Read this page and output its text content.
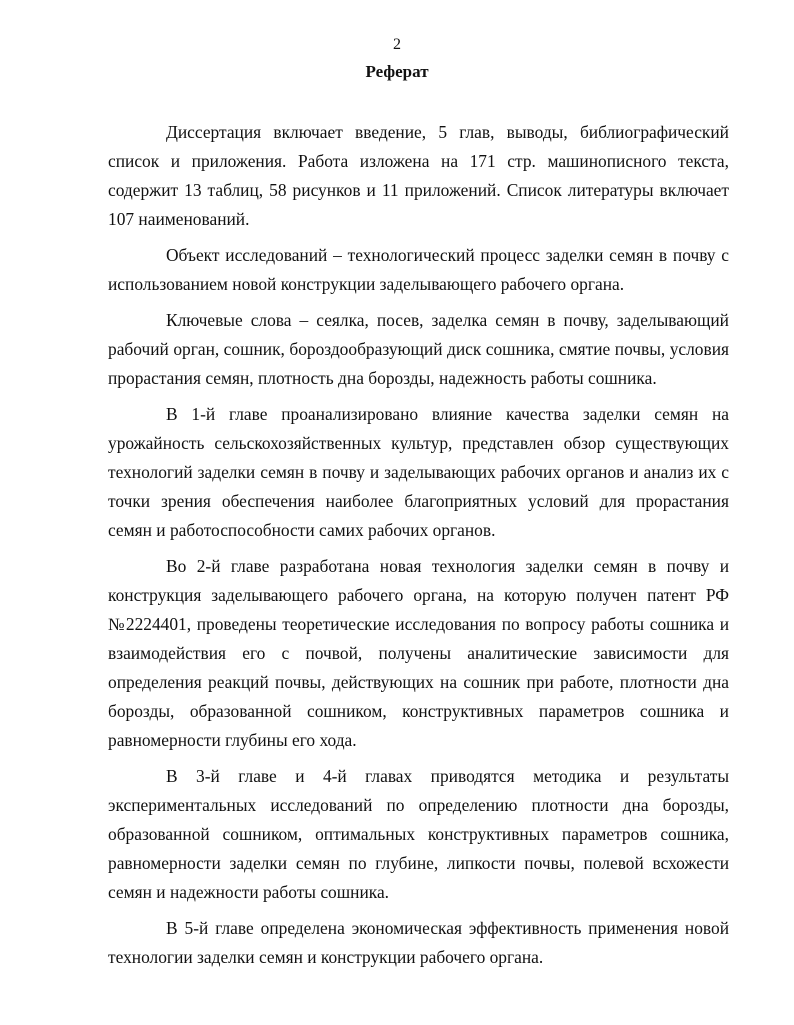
2
Реферат

Диссертация включает введение, 5 глав, выводы, библиографический список и приложения. Работа изложена на 171 стр. машинописного текста, содержит 13 таблиц, 58 рисунков и 11 приложений. Список литературы включает 107 наименований.

Объект исследований – технологический процесс заделки семян в почву с использованием новой конструкции заделывающего рабочего органа.

Ключевые слова – сеялка, посев, заделка семян в почву, заделывающий рабочий орган, сошник, бороздообразующий диск сошника, смятие почвы, условия прорастания семян, плотность дна борозды, надежность работы сошника.

В 1-й главе проанализировано влияние качества заделки семян на урожайность сельскохозяйственных культур, представлен обзор существующих технологий заделки семян в почву и заделывающих рабочих органов и анализ их с точки зрения обеспечения наиболее благоприятных условий для прорастания семян и работоспособности самих рабочих органов.

Во 2-й главе разработана новая технология заделки семян в почву и конструкция заделывающего рабочего органа, на которую получен патент РФ №2224401, проведены теоретические исследования по вопросу работы сошника и взаимодействия его с почвой, получены аналитические зависимости для определения реакций почвы, действующих на сошник при работе, плотности дна борозды, образованной сошником, конструктивных параметров сошника и равномерности глубины его хода.

В 3-й главе и 4-й главах приводятся методика и результаты экспериментальных исследований по определению плотности дна борозды, образованной сошником, оптимальных конструктивных параметров сошника, равномерности заделки семян по глубине, липкости почвы, полевой всхожести семян и надежности работы сошника.

В 5-й главе определена экономическая эффективность применения новой технологии заделки семян и конструкции рабочего органа.
